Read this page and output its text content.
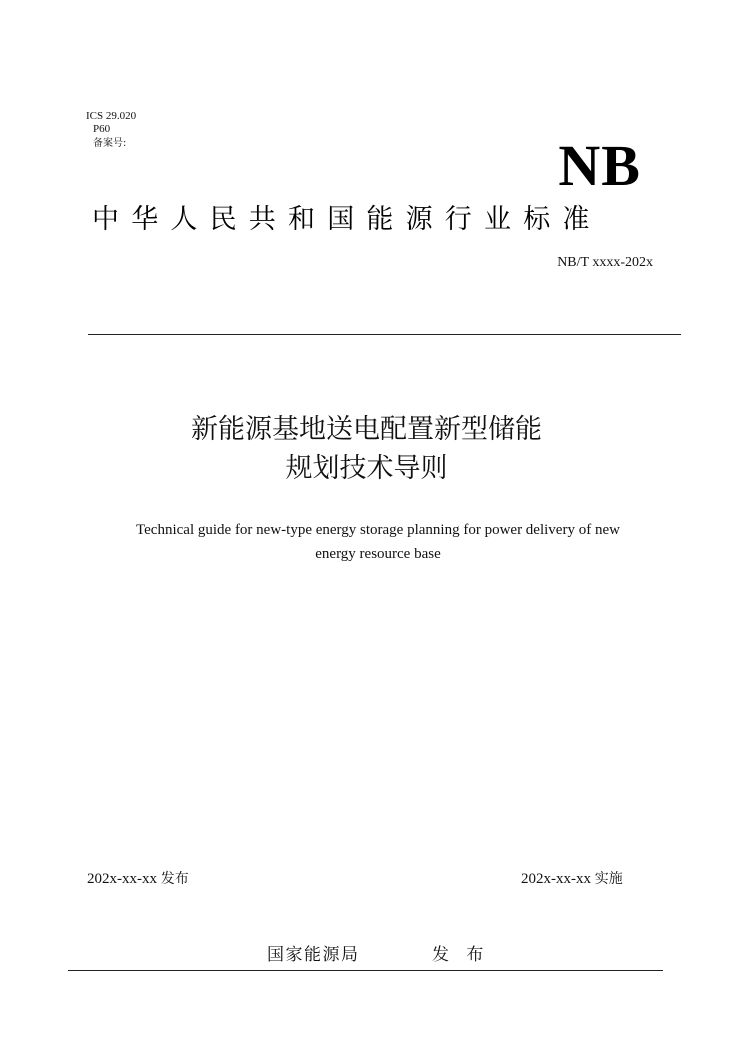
ICS 29.020
P60
备案号:	NB
中华人民共和国能源行业标准
NB/T xxxx-202x
新能源基地送电配置新型储能
规划技术导则
Technical guide for new-type energy storage planning for power delivery of new
energy resource base
202x-xx-xx 发布	202x-xx-xx 实施
国家能源局	发 布
